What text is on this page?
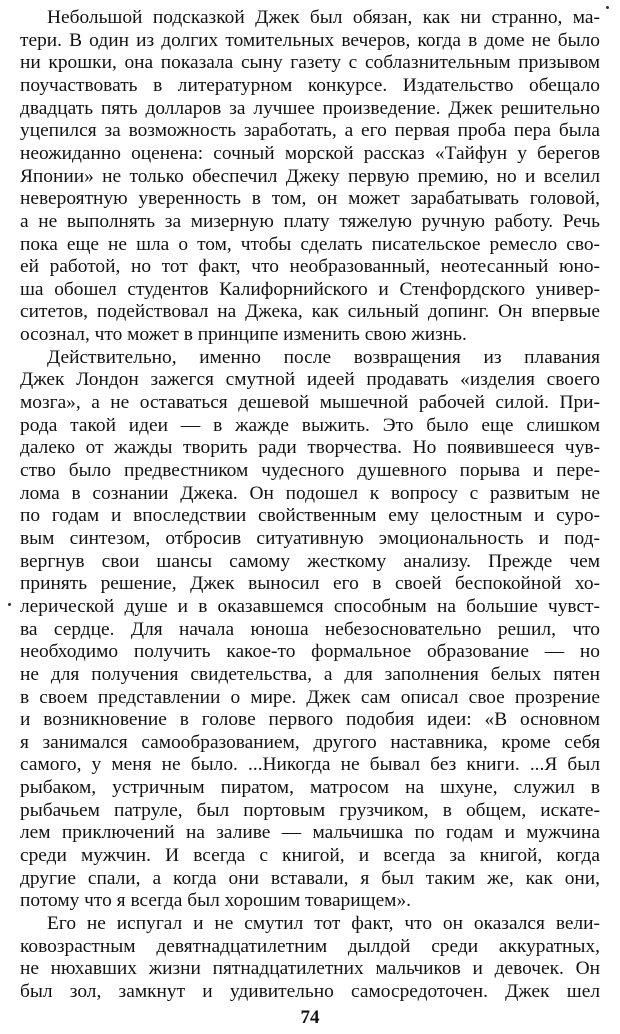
Небольшой подсказкой Джек был обязан, как ни странно, ма-
тери. В один из долгих томительных вечеров, когда в доме не было
ни крошки, она показала сыну газету с соблазнительным призывом
поучаствовать в литературном конкурсе. Издательство обещало
двадцать пять долларов за лучшее произведение. Джек решительно
уцепился за возможность заработать, а его первая проба пера была
неожиданно оценена: сочный морской рассказ «Тайфун у берегов
Японии» не только обеспечил Джеку первую премию, но и вселил
невероятную уверенность в том, он может зарабатывать головой,
а не выполнять за мизерную плату тяжелую ручную работу. Речь
пока еще не шла о том, чтобы сделать писательское ремесло сво-
ей работой, но тот факт, что необразованный, неотесанный юно-
ша обошел студентов Калифорнийского и Стенфордского универ-
ситетов, подействовал на Джека, как сильный допинг. Он впервые
осознал, что может в принципе изменить свою жизнь.
Действительно, именно после возвращения из плавания
Джек Лондон зажегся смутной идеей продавать «изделия своего
мозга», а не оставаться дешевой мышечной рабочей силой. При-
рода такой идеи — в жажде выжить. Это было еще слишком
далеко от жажды творить ради творчества. Но появившееся чув-
ство было предвестником чудесного душевного порыва и пере-
лома в сознании Джека. Он подошел к вопросу с развитым не
по годам и впоследствии свойственным ему целостным и суро-
вым синтезом, отбросив ситуативную эмоциональность и под-
вергнув свои шансы самому жесткому анализу. Прежде чем
принять решение, Джек выносил его в своей беспокойной хо-
лерической душе и в оказавшемся способным на большие чувст-
ва сердце. Для начала юноша небезосновательно решил, что
необходимо получить какое-то формальное образование — но
не для получения свидетельства, а для заполнения белых пятен
в своем представлении о мире. Джек сам описал свое прозрение
и возникновение в голове первого подобия идеи: «В основном
я занимался самообразованием, другого наставника, кроме себя
самого, у меня не было. ...Никогда не бывал без книги. ...Я был
рыбаком, устричным пиратом, матросом на шхуне, служил в
рыбачьем патруле, был портовым грузчиком, в общем, искате-
лем приключений на заливе — мальчишка по годам и мужчина
среди мужчин. И всегда с книгой, и всегда за книгой, когда
другие спали, а когда они вставали, я был таким же, как они,
потому что я всегда был хорошим товарищем».
Его не испугал и не смутил тот факт, что он оказался вели-
ковозрастным девятнадцатилетним дылдой среди аккуратных,
не нюхавших жизни пятнадцатилетних мальчиков и девочек. Он
был зол, замкнут и удивительно самосредоточен. Джек шел
74
